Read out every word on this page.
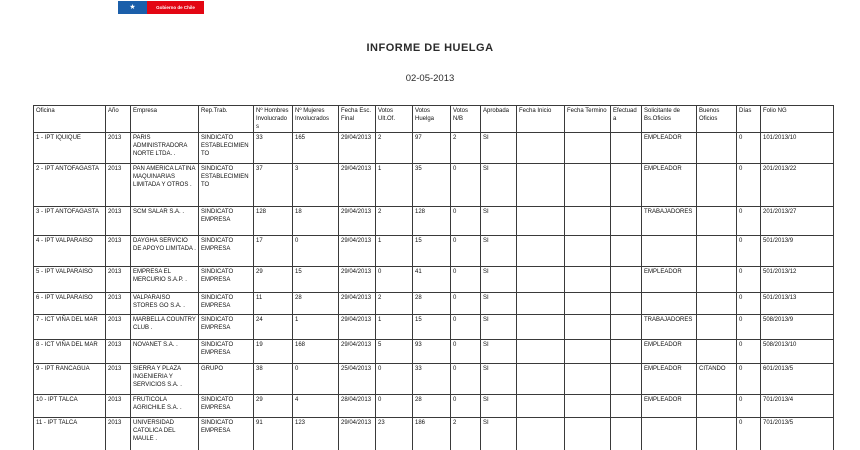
★	Gobierno de Chile
INFORME DE HUELGA
02-05-2013
Oficina	Año	Empresa	Rep.Trab.	Nº Hombres Involucrados	Nº Mujeres Involucrados	Fecha Esc. Final	Votos Ult.Of.	Votos Huelga	Votos N/B	Aprobada	Fecha Inicio	Fecha Termino	Efectuada	Solicitante de Bs.Oficios	Buenos Oficios	Días	Folio NG
1 - IPT IQUIQUE	2013	PARIS ADMINISTRADORA NORTE LTDA. .	SINDICATO ESTABLECIMIENTO	33	165	29/04/2013	2	97	2	SI				EMPLEADOR		0	101/2013/10
2 - IPT ANTOFAGASTA	2013	PAN AMERICA LATINA MAQUINARIAS LIMITADA Y OTROS .	SINDICATO ESTABLECIMIENTO	37	3	29/04/2013	1	35	0	SI				EMPLEADOR		0	201/2013/22
3 - IPT ANTOFAGASTA	2013	SCM SALAR S.A. .	SINDICATO EMPRESA	128	18	29/04/2013	2	128	0	SI				TRABAJADORES		0	201/2013/27
4 - IPT VALPARAISO	2013	DAYGHA SERVICIO DE APOYO LIMITADA .	SINDICATO EMPRESA	17	0	29/04/2013	1	15	0	SI						0	501/2013/9
5 - IPT VALPARAISO	2013	EMPRESA EL MERCURIO S.A.P. .	SINDICATO EMPRESA	29	15	29/04/2013	0	41	0	SI				EMPLEADOR		0	501/2013/12
6 - IPT VALPARAISO	2013	VALPARAISO STORES GO S.A. .	SINDICATO EMPRESA	11	28	29/04/2013	2	28	0	SI						0	501/2013/13
7 - ICT VIÑA DEL MAR	2013	MARBELLA COUNTRY CLUB .	SINDICATO EMPRESA	24	1	29/04/2013	1	15	0	SI				TRABAJADORES		0	508/2013/9
8 - ICT VIÑA DEL MAR	2013	NOVANET S.A. .	SINDICATO EMPRESA	19	168	29/04/2013	5	93	0	SI				EMPLEADOR		0	508/2013/10
9 - IPT RANCAGUA	2013	SIERRA Y PLAZA INGENIERIA Y SERVICIOS S.A. .	GRUPO	38	0	25/04/2013	0	33	0	SI				EMPLEADOR	CITANDO	0	601/2013/5
10 - IPT TALCA	2013	FRUTICOLA AGRICHILE S.A. .	SINDICATO EMPRESA	29	4	28/04/2013	0	28	0	SI				EMPLEADOR		0	701/2013/4
11 - IPT TALCA	2013	UNIVERSIDAD CATOLICA DEL MAULE .	SINDICATO EMPRESA	91	123	29/04/2013	23	186	2	SI						0	701/2013/5
